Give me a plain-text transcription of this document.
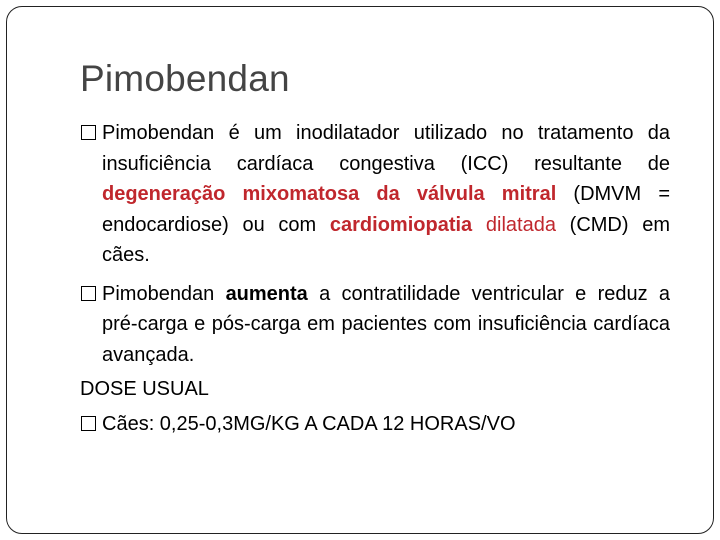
Pimobendan
Pimobendan é um inodilatador utilizado no tratamento da insuficiência cardíaca congestiva (ICC) resultante de degeneração mixomatosa da válvula mitral (DMVM = endocardiose) ou com cardiomiopatia dilatada (CMD) em cães.
Pimobendan aumenta a contratilidade ventricular e reduz a pré-carga e pós-carga em pacientes com insuficiência cardíaca avançada.
DOSE USUAL
Cães: 0,25-0,3MG/KG A CADA 12 HORAS/VO
